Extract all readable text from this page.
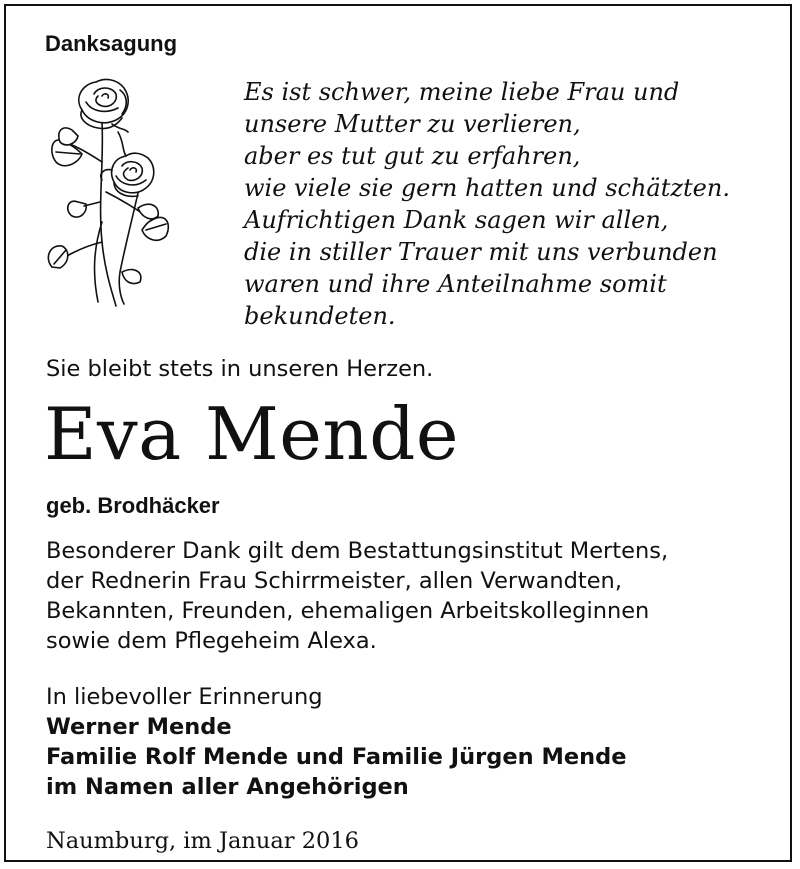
Danksagung
Es ist schwer, meine liebe Frau und
unsere Mutter zu verlieren,
aber es tut gut zu erfahren,
wie viele sie gern hatten und schätzten.
Aufrichtigen Dank sagen wir allen,
die in stiller Trauer mit uns verbunden
waren und ihre Anteilnahme somit
bekundeten.
Sie bleibt stets in unseren Herzen.
Eva Mende
geb. Brodhäcker
Besonderer Dank gilt dem Bestattungsinstitut Mertens,
der Rednerin Frau Schirrmeister, allen Verwandten,
Bekannten, Freunden, ehemaligen Arbeitskolleginnen
sowie dem Pflegeheim Alexa.
In liebevoller Erinnerung
Werner Mende
Familie Rolf Mende und Familie Jürgen Mende
im Namen aller Angehörigen
Naumburg, im Januar 2016
